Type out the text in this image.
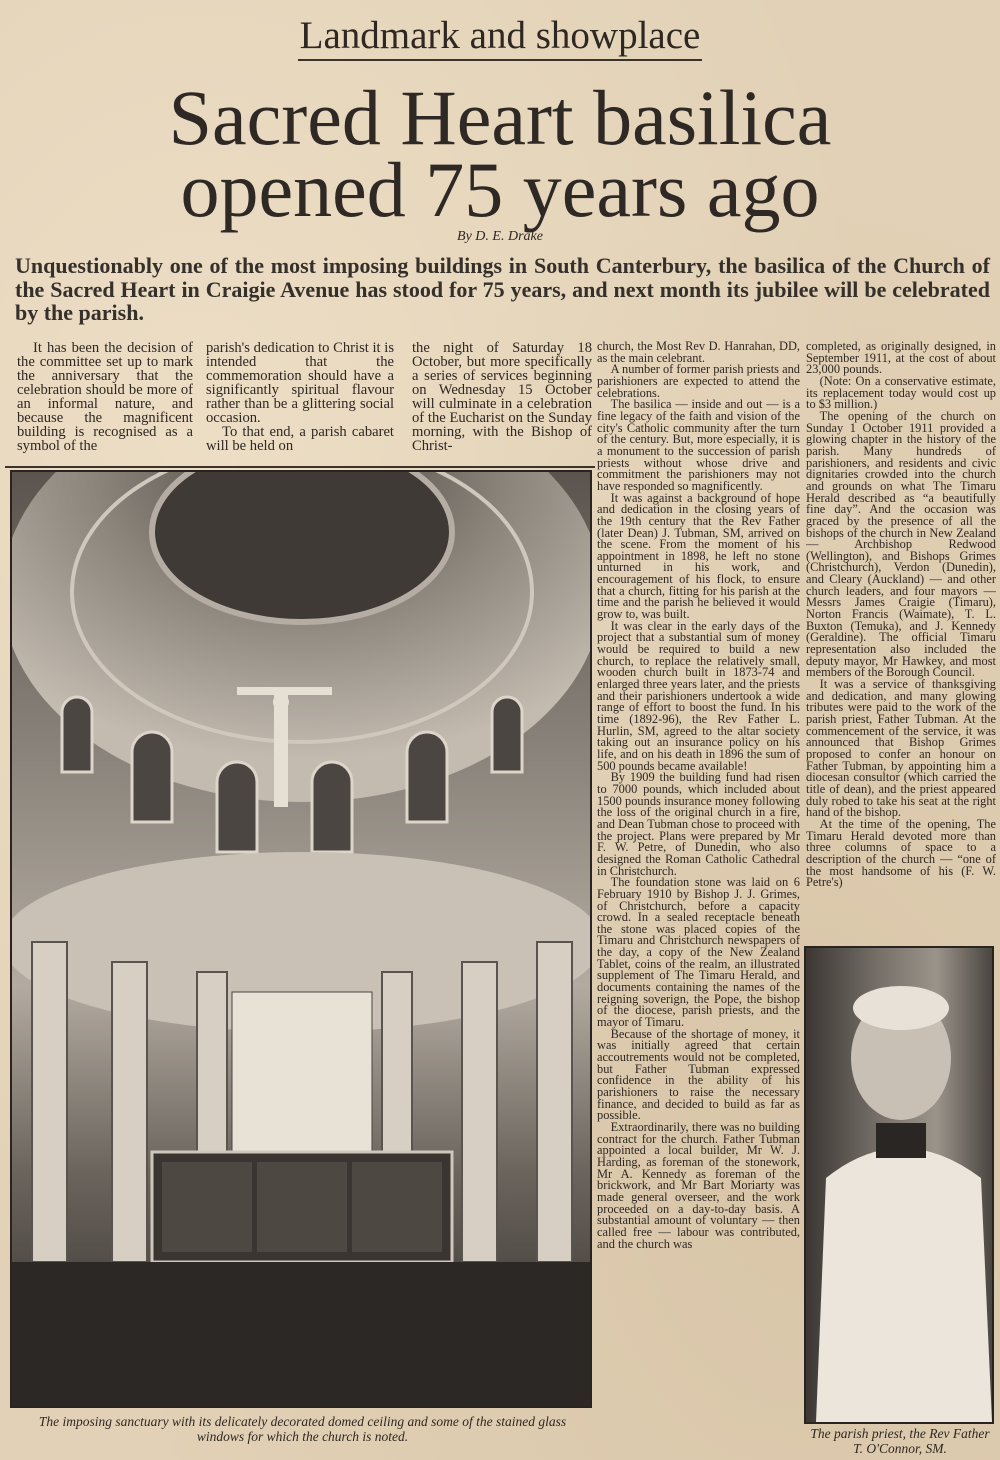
Landmark and showplace
Sacred Heart basilica
opened 75 years ago
By D. E. Drake
Unquestionably one of the most imposing buildings in South Canterbury, the basilica of the Church of the Sacred Heart in Craigie Avenue has stood for 75 years, and next month its jubilee will be celebrated by the parish.

It has been the decision of the committee set up to mark the anniversary that the celebration should be more of an informal nature, and because the magnificent building is recognised as a symbol of the

parish's dedication to Christ it is intended that the commemoration should have a significantly spiritual flavour rather than be a glittering social occasion.

To that end, a parish cabaret will be held on

the night of Saturday 18 October, but more specifically a series of services beginning on Wednesday 15 October will culminate in a celebration of the Eucharist on the Sunday morning, with the Bishop of Christ-

church, the Most Rev D. Hanrahan, DD, as the main celebrant.

A number of former parish priests and parishioners are expected to attend the celebrations.

The basilica — inside and out — is a fine legacy of the faith and vision of the city's Catholic community after the turn of the century. But, more especially, it is a monument to the succession of parish priests without whose drive and commitment the parishioners may not have responded so magnificently.

It was against a background of hope and dedication in the closing years of the 19th century that the Rev Father (later Dean) J. Tubman, SM, arrived on the scene. From the moment of his appointment in 1898, he left no stone unturned in his work, and encouragement of his flock, to ensure that a church, fitting for his parish at the time and the parish he believed it would grow to, was built.

It was clear in the early days of the project that a substantial sum of money would be required to build a new church, to replace the relatively small, wooden church built in 1873-74 and enlarged three years later, and the priests and their parishioners undertook a wide range of effort to boost the fund. In his time (1892-96), the Rev Father L. Hurlin, SM, agreed to the altar society taking out an insurance policy on his life, and on his death in 1896 the sum of 500 pounds became available!

By 1909 the building fund had risen to 7000 pounds, which included about 1500 pounds insurance money following the loss of the original church in a fire, and Dean Tubman chose to proceed with the project. Plans were prepared by Mr F. W. Petre, of Dunedin, who also designed the Roman Catholic Cathedral in Christchurch.

The foundation stone was laid on 6 February 1910 by Bishop J. J. Grimes, of Christchurch, before a capacity crowd. In a sealed receptacle beneath the stone was placed copies of the Timaru and Christchurch newspapers of the day, a copy of the New Zealand Tablet, coins of the realm, an illustrated supplement of The Timaru Herald, and documents containing the names of the reigning soverign, the Pope, the bishop of the diocese, parish priests, and the mayor of Timaru.

Because of the shortage of money, it was initially agreed that certain accoutrements would not be completed, but Father Tubman expressed confidence in the ability of his parishioners to raise the necessary finance, and decided to build as far as possible.

Extraordinarily, there was no building contract for the church. Father Tubman appointed a local builder, Mr W. J. Harding, as foreman of the stonework, Mr A. Kennedy as foreman of the brickwork, and Mr Bart Moriarty was made general overseer, and the work proceeded on a day-to-day basis. A substantial amount of voluntary — then called free — labour was contributed, and the church was

completed, as originally designed, in September 1911, at the cost of about 23,000 pounds.

(Note: On a conservative estimate, its replacement today would cost up to $3 million.)

The opening of the church on Sunday 1 October 1911 provided a glowing chapter in the history of the parish. Many hundreds of parishioners, and residents and civic dignitaries crowded into the church and grounds on what The Timaru Herald described as “a beautifully fine day”. And the occasion was graced by the presence of all the bishops of the church in New Zealand — Archbishop Redwood (Wellington), and Bishops Grimes (Christchurch), Verdon (Dunedin), and Cleary (Auckland) — and other church leaders, and four mayors — Messrs James Craigie (Timaru), Norton Francis (Waimate), T. L. Buxton (Temuka), and J. Kennedy (Geraldine). The official Timaru representation also included the deputy mayor, Mr Hawkey, and most members of the Borough Council.

It was a service of thanksgiving and dedication, and many glowing tributes were paid to the work of the parish priest, Father Tubman. At the commencement of the service, it was announced that Bishop Grimes proposed to confer an honour on Father Tubman, by appointing him a diocesan consultor (which carried the title of dean), and the priest appeared duly robed to take his seat at the right hand of the bishop.

At the time of the opening, The Timaru Herald devoted more than three columns of space to a description of the church — “one of the most handsome of his (F. W. Petre's)

The imposing sanctuary with its delicately decorated domed ceiling and some of the stained glass windows for which the church is noted.	The parish priest, the Rev Father T. O'Connor, SM.
